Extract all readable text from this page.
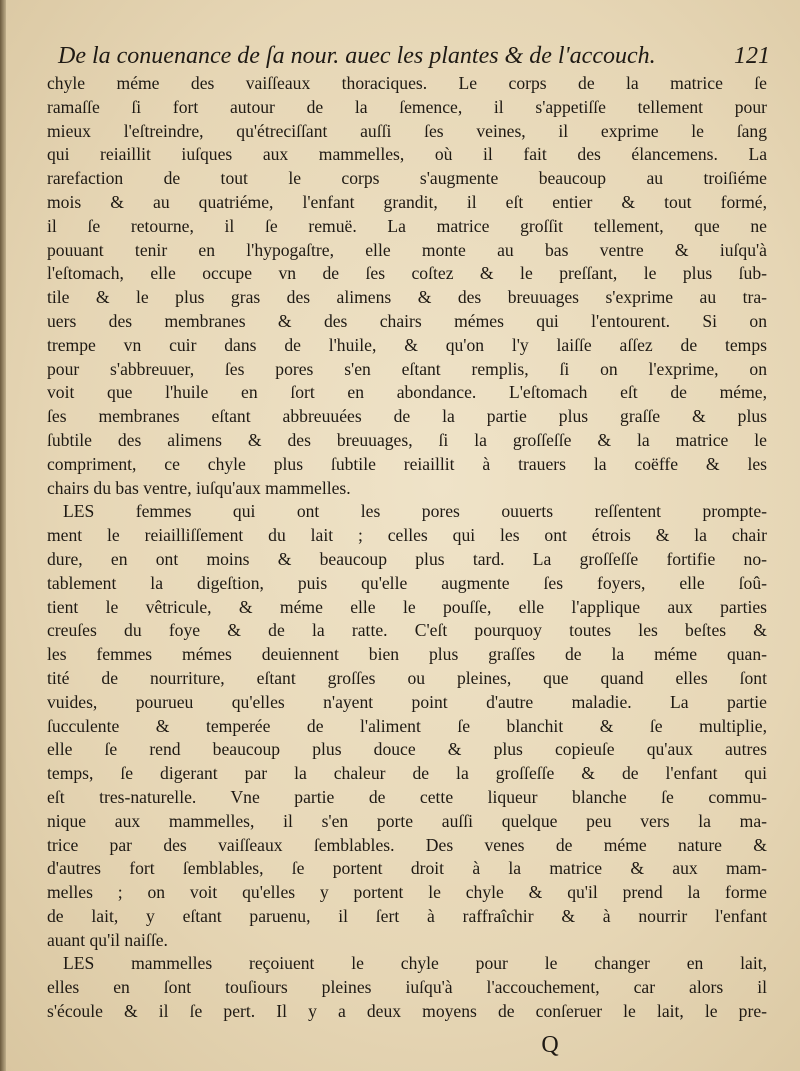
De la conuenance de ſa nour. auec les plantes & de l'accouch.	121
chyle méme des vaiſſeaux thoraciques. Le corps de la matrice ſe
ramaſſe ſi fort autour de la ſemence, il s'appetiſſe tellement pour
mieux l'eſtreindre, qu'étreciſſant auſſi ſes veines, il exprime le ſang
qui reiaillit iuſques aux mammelles, où il fait des élancemens. La
rarefaction de tout le corps s'augmente beaucoup au troiſiéme
mois & au quatriéme, l'enfant grandit, il eſt entier & tout formé,
il ſe retourne, il ſe remuë. La matrice groſſit tellement, que ne
pouuant tenir en l'hypogaſtre, elle monte au bas ventre & iuſqu'à
l'eſtomach, elle occupe vn de ſes coſtez & le preſſant, le plus ſub-
tile & le plus gras des alimens & des breuuages s'exprime au tra-
uers des membranes & des chairs mémes qui l'entourent. Si on
trempe vn cuir dans de l'huile, & qu'on l'y laiſſe aſſez de temps
pour s'abbreuuer, ſes pores s'en eſtant remplis, ſi on l'exprime, on
voit que l'huile en ſort en abondance. L'eſtomach eſt de méme,
ſes membranes eſtant abbreuuées de la partie plus graſſe & plus
ſubtile des alimens & des breuuages, ſi la groſſeſſe & la matrice le
compriment, ce chyle plus ſubtile reiaillit à trauers la coëffe & les
chairs du bas ventre, iuſqu'aux mammelles.
LES femmes qui ont les pores ouuerts reſſentent prompte-
ment le reiailliſſement du lait ; celles qui les ont étrois & la chair
dure, en ont moins & beaucoup plus tard. La groſſeſſe fortifie no-
tablement la digeſtion, puis qu'elle augmente ſes foyers, elle ſoû-
tient le vêtricule, & méme elle le pouſſe, elle l'applique aux parties
creuſes du foye & de la ratte. C'eſt pourquoy toutes les beſtes &
les femmes mémes deuiennent bien plus graſſes de la méme quan-
tité de nourriture, eſtant groſſes ou pleines, que quand elles ſont
vuides, pourueu qu'elles n'ayent point d'autre maladie. La partie
ſucculente & temperée de l'aliment ſe blanchit & ſe multiplie,
elle ſe rend beaucoup plus douce & plus copieuſe qu'aux autres
temps, ſe digerant par la chaleur de la groſſeſſe & de l'enfant qui
eſt tres-naturelle. Vne partie de cette liqueur blanche ſe commu-
nique aux mammelles, il s'en porte auſſi quelque peu vers la ma-
trice par des vaiſſeaux ſemblables. Des venes de méme nature &
d'autres fort ſemblables, ſe portent droit à la matrice & aux mam-
melles ; on voit qu'elles y portent le chyle & qu'il prend la forme
de lait, y eſtant paruenu, il ſert à raffraîchir & à nourrir l'enfant
auant qu'il naiſſe.
LES mammelles reçoiuent le chyle pour le changer en lait,
elles en ſont touſiours pleines iuſqu'à l'accouchement, car alors il
s'écoule & il ſe pert. Il y a deux moyens de conſeruer le lait, le pre-
Q
